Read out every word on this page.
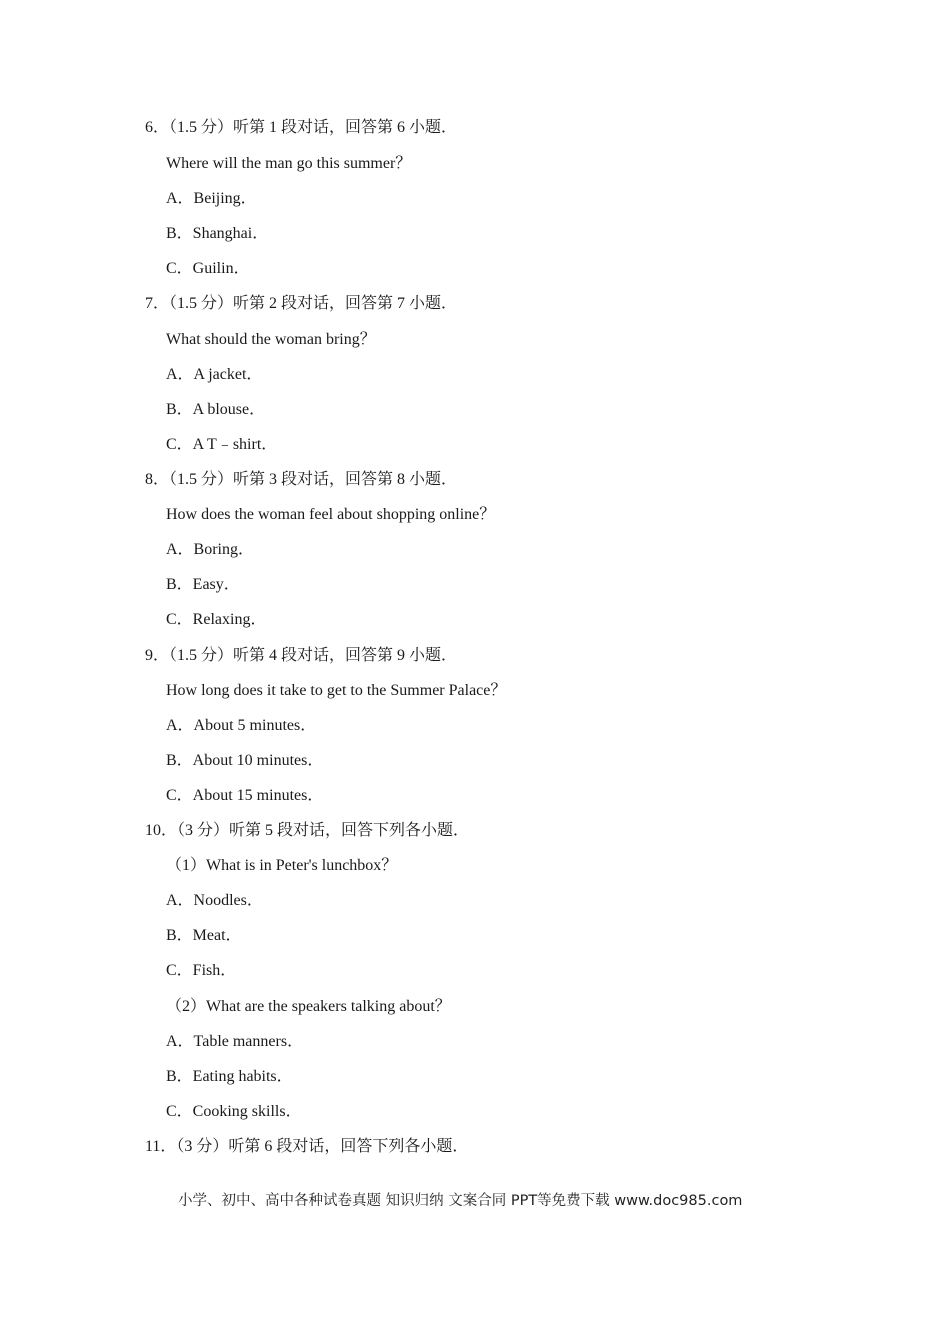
6．（1.5 分）听第 1 段对话，回答第 6 小题．
Where will the man go this summer？
A．Beijing．
B．Shanghai．
C．Guilin．
7．（1.5 分）听第 2 段对话，回答第 7 小题．
What should the woman bring？
A．A jacket．
B．A blouse．
C．A T﹣shirt．
8．（1.5 分）听第 3 段对话，回答第 8 小题．
How does the woman feel about shopping online？
A．Boring．
B．Easy．
C．Relaxing．
9．（1.5 分）听第 4 段对话，回答第 9 小题．
How long does it take to get to the Summer Palace？
A．About 5 minutes．
B．About 10 minutes．
C．About 15 minutes．
10．（3 分）听第 5 段对话，回答下列各小题．
（1）What is in Peter's lunchbox？
A．Noodles．
B．Meat．
C．Fish．
（2）What are the speakers talking about？
A．Table manners．
B．Eating habits．
C．Cooking skills．
11．（3 分）听第 6 段对话，回答下列各小题．
小学、初中、高中各种试卷真题 知识归纳 文案合同 PPT等免费下载 www.doc985.com
